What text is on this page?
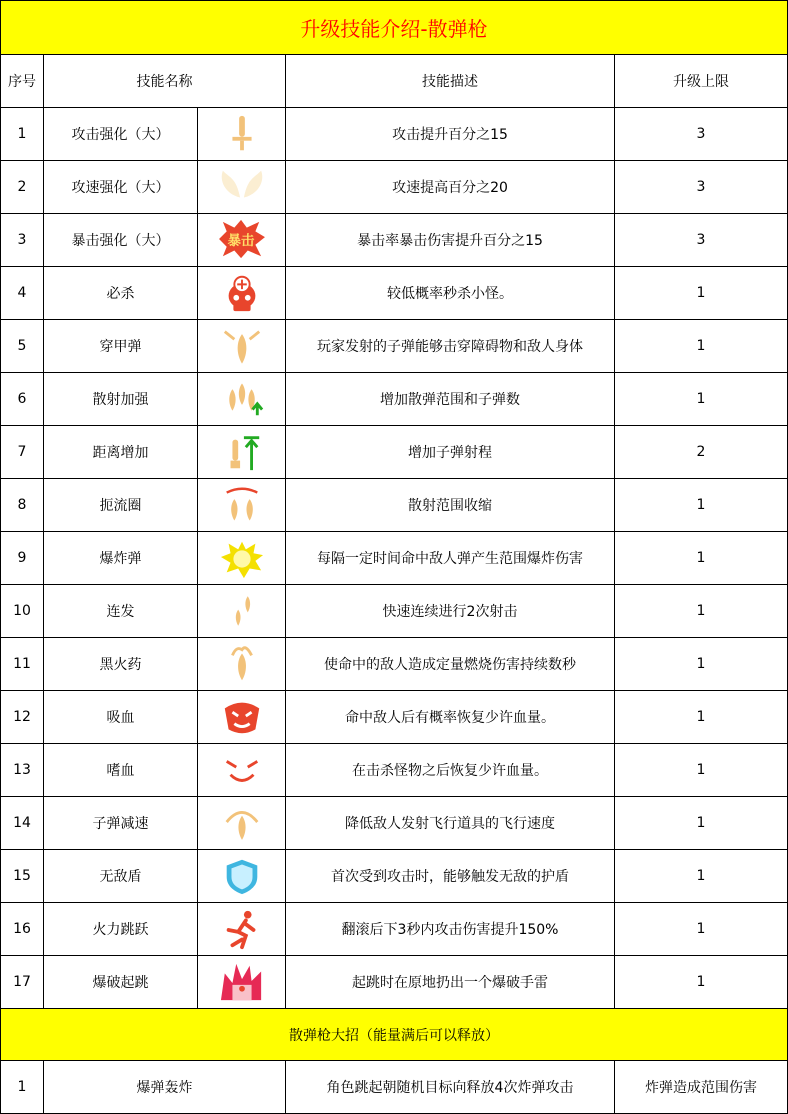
升级技能介绍-散弹枪				
序号	技能名称		技能描述	升级上限
1	攻击强化（大）		攻击提升百分之15	3
2	攻速强化（大）		攻速提高百分之20	3
3	暴击强化（大）	暴击	暴击率暴击伤害提升百分之15	3
4	必杀		较低概率秒杀小怪。	1
5	穿甲弹		玩家发射的子弹能够击穿障碍物和敌人身体	1
6	散射加强		增加散弹范围和子弹数	1
7	距离增加		增加子弹射程	2
8	扼流圈		散射范围收缩	1
9	爆炸弹		每隔一定时间命中敌人弹产生范围爆炸伤害	1
10	连发		快速连续进行2次射击	1
11	黑火药		使命中的敌人造成定量燃烧伤害持续数秒	1
12	吸血		命中敌人后有概率恢复少许血量。	1
13	嗜血		在击杀怪物之后恢复少许血量。	1
14	子弹减速		降低敌人发射飞行道具的飞行速度	1
15	无敌盾		首次受到攻击时，能够触发无敌的护盾	1
16	火力跳跃		翻滚后下3秒内攻击伤害提升150%	1
17	爆破起跳		起跳时在原地扔出一个爆破手雷	1
散弹枪大招（能量满后可以释放）				
1	爆弹轰炸		角色跳起朝随机目标向释放4次炸弹攻击	炸弹造成范围伤害
